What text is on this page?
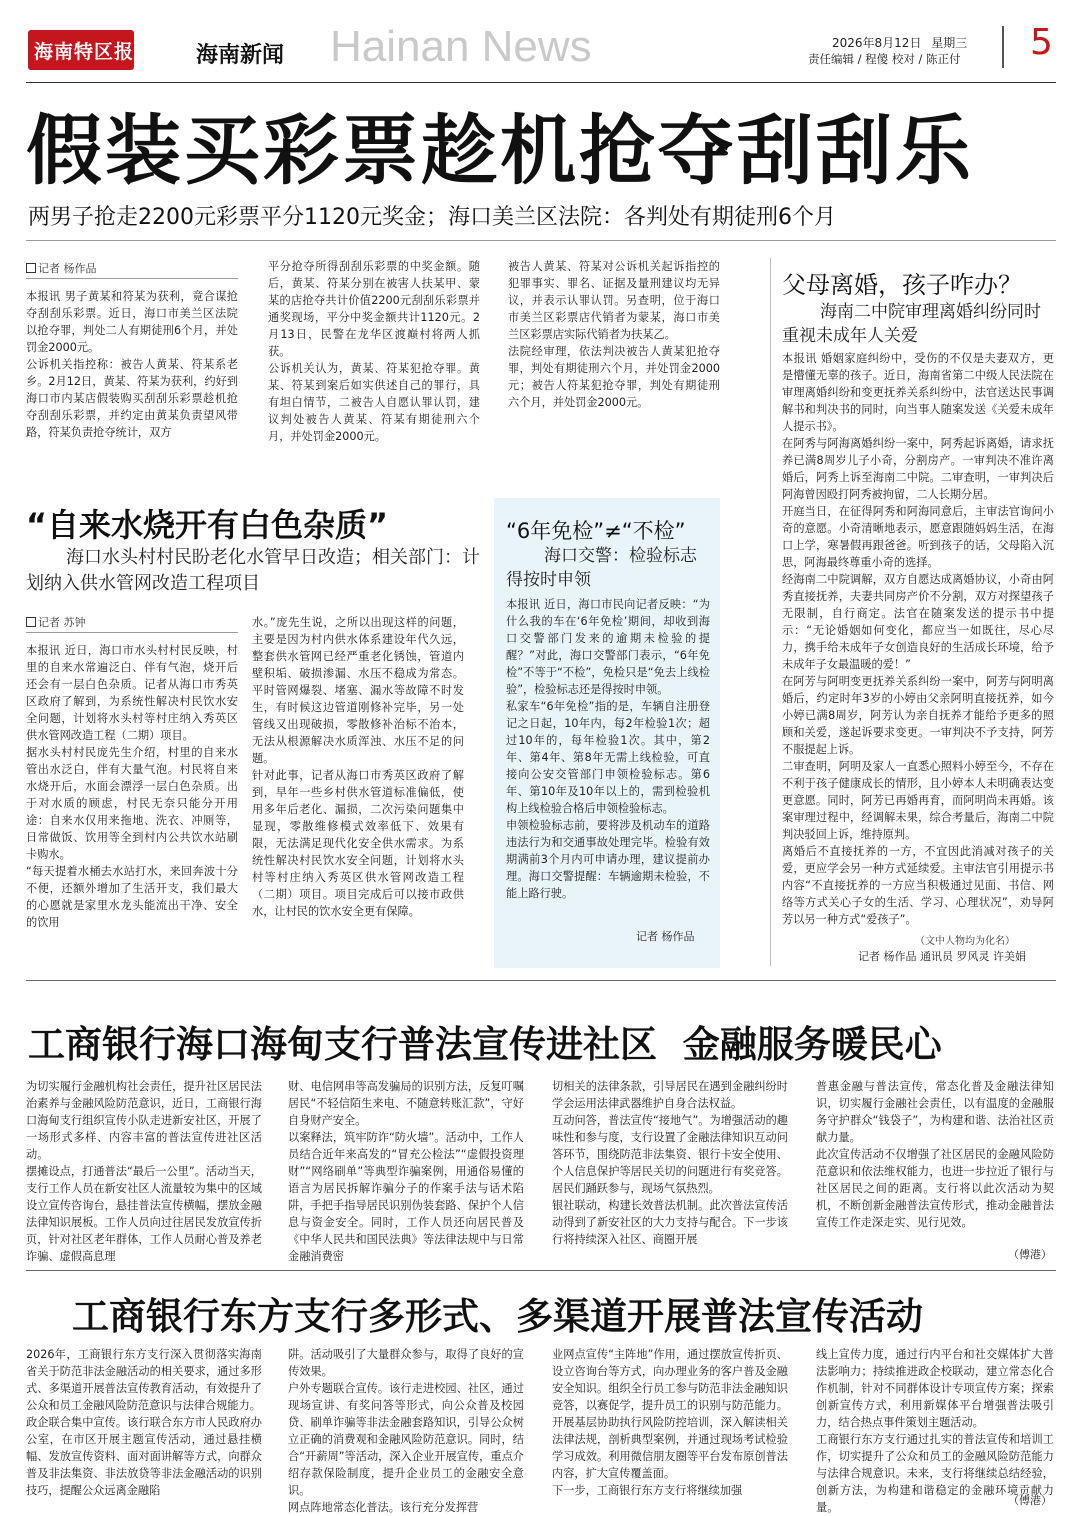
海南特区报	海南新闻 Hainan News	2026年8月12日 星期三
责任编辑 / 程傻 校对 / 陈正付 5
假装买彩票趁机抢夺刮刮乐
两男子抢走2200元彩票平分1120元奖金；海口美兰区法院：各判处有期徒刑6个月
记者 杨作品
本报讯 男子黄某和符某为获利，竟合谋抢夺刮刮乐彩票。近日，海口市美兰区法院以抢夺罪，判处二人有期徒刑6个月，并处罚金2000元。
公诉机关指控称：被告人黄某、符某系老乡。2月12日，黄某、符某为获利，约好到海口市内某店假装购买刮刮乐彩票趁机抢夺刮刮乐彩票，并约定由黄某负责望风带路，符某负责抢夺统计，双方
平分抢夺所得刮刮乐彩票的中奖金额。随后，黄某、符某分别在被害人扶某甲、蒙某的店抢夺共计价值2200元刮刮乐彩票并通奖现场，平分中奖金额共计1120元。2月13日，民警在龙华区渡巅村将两人抓获。
公诉机关认为，黄某、符某犯抢夺罪。黄某、符某到案后如实供述自己的罪行，具有坦白情节，二被告人自愿认罪认罚，建议判处被告人黄某、符某有期徒刑六个月，并处罚金2000元。
被告人黄某、符某对公诉机关起诉指控的犯罪事实、罪名、证据及量刑建议均无异议，并表示认罪认罚。另查明，位于海口市美兰区彩票店代销者为蒙某，海口市美兰区彩票店实际代销者为扶某乙。
法院经审理，依法判决被告人黄某犯抢夺罪，判处有期徒刑六个月，并处罚金2000元；被告人符某犯抢夺罪，判处有期徒刑六个月，并处罚金2000元。
父母离婚，孩子咋办？
海南二中院审理离婚纠纷同时重视未成年人关爱
本报讯 婚姻家庭纠纷中，受伤的不仅是夫妻双方，更是懵懂无辜的孩子。近日，海南省第二中级人民法院在审理离婚纠纷和变更抚养关系纠纷中，法官送达民事调解书和判决书的同时，向当事人随案发送《关爱未成年人提示书》。
在阿秀与阿海离婚纠纷一案中，阿秀起诉离婚，请求抚养已满8周岁儿子小奇，分割房产。一审判决不准许离婚后，阿秀上诉至海南二中院。二审查明，一审判决后阿海曾因殴打阿秀被拘留，二人长期分居。
开庭当日，在征得阿秀和阿海同意后，主审法官询问小奇的意愿。小奇清晰地表示，愿意跟随妈妈生活，在海口上学，寒暑假再跟爸爸。听到孩子的话，父母陷入沉思，阿海最终尊重小奇的选择。
经海南二中院调解，双方自愿达成离婚协议，小奇由阿秀直接抚养，夫妻共同房产价不分割，双方对探望孩子无限制，自行商定。法官在随案发送的提示书中提示：“无论婚姻如何变化，都应当一如既往，尽心尽力，携手给未成年子女创造良好的生活成长环境，给予未成年子女最温暖的爱！”
在阿芳与阿明变更抚养关系纠纷一案中，阿芳与阿明离婚后，约定时年3岁的小婷由父亲阿明直接抚养，如今小婷已满8周岁，阿芳认为亲自抚养才能给予更多的照顾和关爱，遂起诉要求变更。一审判决不予支持，阿芳不服提起上诉。
二审查明，阿明及家人一直悉心照料小婷至今，不存在不利于孩子健康成长的情形，且小婷本人未明确表达变更意愿。同时，阿芳已再婚再育，而阿明尚未再婚。该案审理过程中，经调解未果，综合考量后，海南二中院判决驳回上诉，维持原判。
离婚后不直接抚养的一方，不宜因此消减对孩子的关爱，更应学会另一种方式延续爱。主审法官引用提示书内容“不直接抚养的一方应当积极通过见面、书信、网络等方式关心子女的生活、学习、心理状况”，劝导阿芳以另一种方式“爱孩子”。
（文中人物均为化名）
记者 杨作品 通讯员 罗风灵 许美娟
“自来水烧开有白色杂质”
海口水头村村民盼老化水管早日改造；相关部门：计划纳入供水管网改造工程项目
记者 苏钟
本报讯 近日，海口市水头村村民反映，村里的自来水常遍泛白、伴有气泡，烧开后还会有一层白色杂质。记者从海口市秀英区政府了解到，为系统性解决村民饮水安全问题，计划将水头村等村庄纳入秀英区供水管网改造工程（二期）项目。
据水头村村民庞先生介绍，村里的自来水管出水泛白，伴有大量气泡。村民将自来水烧开后，水面会漂浮一层白色杂质。出于对水质的顾虑，村民无奈只能分开用途：自来水仅用来拖地、洗衣、冲厕等，日常做饭、饮用等全到村内公共饮水站刷卡购水。
“每天提着水桶去水站打水，来回奔波十分不便，还额外增加了生活开支，我们最大的心愿就是家里水龙头能流出干净、安全的饮用
水。”庞先生说，之所以出现这样的问题，主要是因为村内供水体系建设年代久远，整套供水管网已经严重老化锈蚀，管道内壁积垢、破损渗漏、水压不稳成为常态。平时管网爆裂、堵塞、漏水等故障不时发生，有时候这边管道刚修补完毕，另一处管线又出现破损，零散修补治标不治本，无法从根源解决水质浑浊、水压不足的问题。
针对此事，记者从海口市秀英区政府了解到，早年一些乡村供水管道标准偏低，使用多年后老化、漏损，二次污染问题集中显现，零散维修模式效率低下、效果有限，无法满足现代化安全供水需求。为系统性解决村民饮水安全问题，计划将水头村等村庄纳入秀英区供水管网改造工程（二期）项目。项目完成后可以接市政供水，让村民的饮水安全更有保障。
“6年免检”≠“不检”
海口交警：检验标志得按时申领
本报讯 近日，海口市民向记者反映：“为什么我的车在‘6年免检’期间，却收到海口交警部门发来的逾期未检验的提醒？”对此，海口交警部门表示，“6年免检”不等于“不检”，免检只是“免去上线检验”，检验标志还是得按时申领。
私家车“6年免检”指的是，车辆自注册登记之日起，10年内，每2年检验1次；超过10年的，每年检验1次。其中，第2年、第4年、第8年无需上线检验，可直接向公安交管部门申领检验标志。第6年、第10年及10年以上的，需到检验机构上线检验合格后申领检验标志。
申领检验标志前，要将涉及机动车的道路违法行为和交通事故处理完毕。检验有效期满前3个月内可申请办理，建议提前办理。海口交警提醒：车辆逾期未检验，不能上路行驶。
记者 杨作品
工商银行海口海甸支行普法宣传进社区  金融服务暖民心
为切实履行金融机构社会责任，提升社区居民法治素养与金融风险防范意识，近日，工商银行海口海甸支行组织宣传小队走进新安社区，开展了一场形式多样、内容丰富的普法宣传进社区活动。
摆摊设点，打通普法“最后一公里”。活动当天，支行工作人员在新安社区人流量较为集中的区域设立宣传咨询台，悬挂普法宣传横幅，摆放金融法律知识展板。工作人员向过往居民发放宣传折页，针对社区老年群体，工作人员耐心普及养老诈骗、虚假高息理
财、电信网串等高发骗局的识别方法，反复叮嘱居民“不轻信陌生来电、不随意转账汇款”，守好自身财产安全。
以案释法，筑牢防诈“防火墙”。活动中，工作人员结合近年来高发的“冒充公检法”“虚假投资理财”“网络刷单”等典型诈骗案例，用通俗易懂的语言为居民拆解诈骗分子的作案手法与话术陷阱，手把手指导居民识别伪装套路、保护个人信息与资金安全。同时，工作人员还向居民普及《中华人民共和国民法典》等法律法规中与日常金融消费密
切相关的法律条款，引导居民在遇到金融纠纷时学会运用法律武器维护自身合法权益。
互动问答，普法宣传“接地气”。为增强活动的趣味性和参与度，支行设置了金融法律知识互动问答环节，围绕防范非法集资、银行卡安全使用、个人信息保护等居民关切的问题进行有奖竞答。居民们踊跃参与，现场气氛热烈。
银社联动，构建长效普法机制。此次普法宣传活动得到了新安社区的大力支持与配合。下一步该行将持续深入社区、商圈开展
普惠金融与普法宣传，常态化普及金融法律知识，切实履行金融社会责任，以有温度的金融服务守护群众“钱袋子”，为构建和谐、法治社区贡献力量。
此次宣传活动不仅增强了社区居民的金融风险防范意识和依法维权能力，也进一步拉近了银行与社区居民之间的距离。支行将以此次活动为契机，不断创新金融普法宣传形式，推动金融普法宣传工作走深走实、见行见效。
（傅港）
工商银行东方支行多形式、多渠道开展普法宣传活动
2026年，工商银行东方支行深入贯彻落实海南省关于防范非法金融活动的相关要求，通过多形式、多渠道开展普法宣传教育活动，有效提升了公众和员工金融风险防范意识与法律合规能力。
政企联合集中宣传。该行联合东方市人民政府办公室，在市区开展主题宣传活动，通过悬挂横幅、发放宣传资料、面对面讲解等方式，向群众普及非法集资、非法放贷等非法金融活动的识别技巧，提醒公众远离金融陷
阱。活动吸引了大量群众参与，取得了良好的宣传效果。
户外专题联合宣传。该行走进校园、社区，通过现场宣讲、有奖问答等形式，向公众普及校园贷、刷单诈骗等非法金融套路知识，引导公众树立正确的消费观和金融风险防范意识。同时，结合“开薪周”等活动，深入企业开展宣传，重点介绍存款保险制度，提升企业员工的金融安全意识。
网点阵地常态化普法。该行充分发挥营
业网点宣传“主阵地”作用，通过摆放宣传折页、设立咨询台等方式，向办理业务的客户普及金融安全知识。组织全行员工参与防范非法金融知识竞答，以赛促学，提升员工的识别与防范能力。开展基层协助执行风险防控培训，深入解读相关法律法规，剖析典型案例，并通过现场考试检验学习成效。利用微信朋友圈等平台发布原创普法内容，扩大宣传覆盖面。
下一步，工商银行东方支行将继续加强
线上宣传力度，通过行内平台和社交媒体扩大普法影响力；持续推进政企校联动，建立常态化合作机制，针对不同群体设计专项宣传方案；探索创新宣传方式，利用新媒体平台增强普法吸引力，结合热点事件策划主题活动。
工商银行东方支行通过扎实的普法宣传和培训工作，切实提升了公众和员工的金融风险防范能力与法律合规意识。未来，支行将继续总结经验，创新方法，为构建和谐稳定的金融环境贡献力量。
（傅港）
